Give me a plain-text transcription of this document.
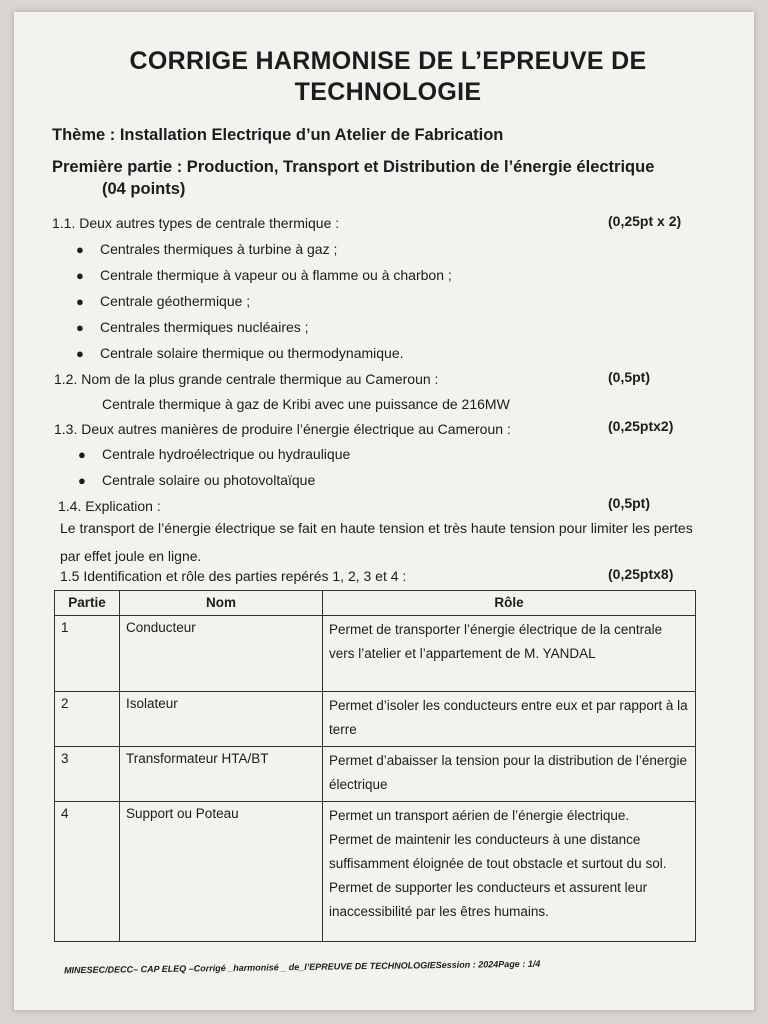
CORRIGE HARMONISE DE L’EPREUVE DE
TECHNOLOGIE
Thème : Installation Electrique d’un Atelier de Fabrication
Première partie : Production, Transport et Distribution de l’énergie électrique (04 points)
1.1. Deux autres types de centrale thermique :	(0,25pt x 2)
● Centrales thermiques à turbine à gaz ;
● Centrale thermique à vapeur ou à flamme ou à charbon ;
● Centrale géothermique ;
● Centrales thermiques nucléaires ;
● Centrale solaire thermique ou thermodynamique.
1.2. Nom de la plus grande centrale thermique au Cameroun :	(0,5pt)
Centrale thermique à gaz de Kribi avec une puissance de 216MW
1.3. Deux autres manières de produire l’énergie électrique au Cameroun :	(0,25ptx2)
● Centrale hydroélectrique ou hydraulique
● Centrale solaire ou photovoltaïque
1.4. Explication :	(0,5pt)
Le transport de l’énergie électrique se fait en haute tension et très haute tension pour limiter les pertes par effet joule en ligne.
1.5 Identification et rôle des parties repérés 1, 2, 3 et 4 :	(0,25ptx8)
Partie	Nom	Rôle
1	Conducteur	Permet de transporter l’énergie électrique de la centrale vers l’atelier et l’appartement de M. YANDAL
2	Isolateur	Permet d’isoler les conducteurs entre eux et par rapport à la terre
3	Transformateur HTA/BT	Permet d’abaisser la tension pour la distribution de l’énergie électrique
4	Support ou Poteau	Permet un transport aérien de l’énergie électrique.
Permet de maintenir les conducteurs à une distance suffisamment éloignée de tout obstacle et surtout du sol.
Permet de supporter les conducteurs et assurent leur inaccessibilité par les êtres humains.
MINESEC/DECC– CAP ELEQ –Corrigé _harmonisé _ de_l’EPREUVE DE TECHNOLOGIESession : 2024Page : 1/4
